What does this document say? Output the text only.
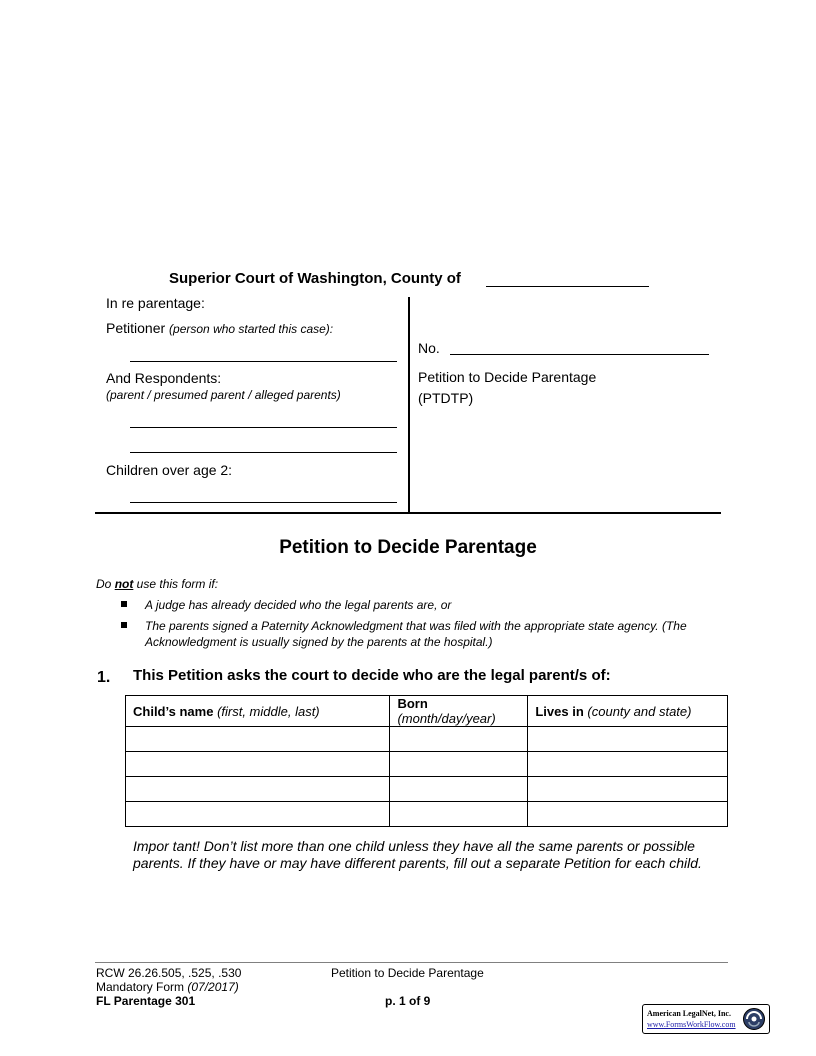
Superior Court of Washington, County of
In re parentage:
Petitioner (person who started this case):
And Respondents:
(parent / presumed parent / alleged parents)
Children over age 2:
No.
Petition to Decide Parentage
(PTDTP)
Petition to Decide Parentage
Do not use this form if:
A judge has already decided who the legal parents are, or
The parents signed a Paternity Acknowledgment that was filed with the appropriate state agency. (The Acknowledgment is usually signed by the parents at the hospital.)
1. This Petition asks the court to decide who are the legal parent/s of:
Child’s name (first, middle, last)	Born (month/day/year)	Lives in (county and state)

Impor tant! Don’t list more than one child unless they have all the same parents or possible parents. If they have or may have different parents, fill out a separate Petition for each child.
RCW 26.26.505, .525, .530
Mandatory Form (07/2017)
FL Parentage 301
Petition to Decide Parentage
p. 1 of 9
American LegalNet, Inc.
www.FormsWorkFlow.com
